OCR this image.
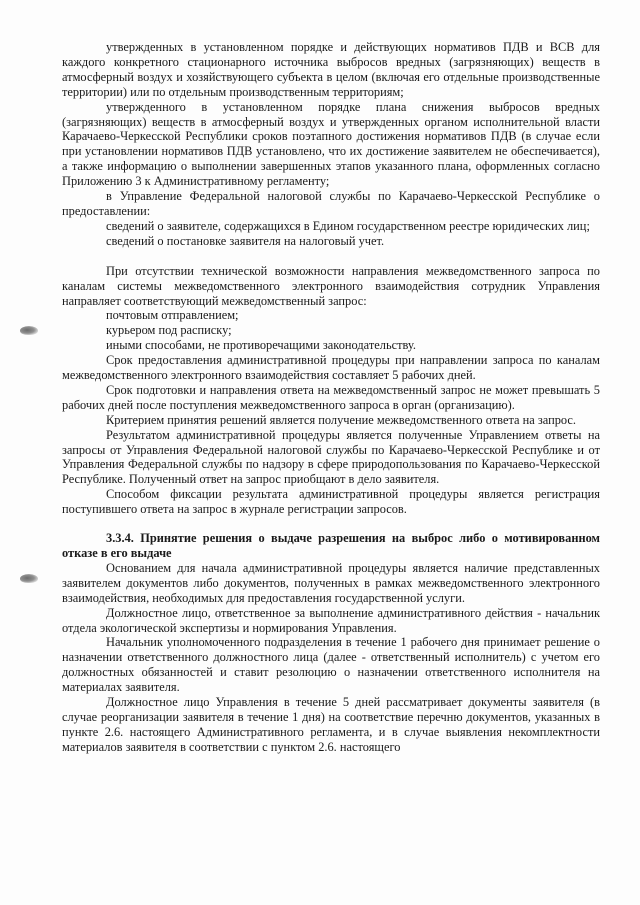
утвержденных в установленном порядке и действующих нормативов ПДВ и ВСВ для каждого конкретного стационарного источника выбросов вредных (загрязняющих) веществ в атмосферный воздух и хозяйствующего субъекта в целом (включая его отдельные производственные территории) или по отдельным производственным территориям;

утвержденного в установленном порядке плана снижения выбросов вредных (загрязняющих) веществ в атмосферный воздух и утвержденных органом исполнительной власти Карачаево-Черкесской Республики сроков поэтапного достижения нормативов ПДВ (в случае если при установлении нормативов ПДВ установлено, что их достижение заявителем не обеспечивается), а также информацию о выполнении завершенных этапов указанного плана, оформленных согласно Приложению 3 к Административному регламенту;

в Управление Федеральной налоговой службы по Карачаево-Черкесской Республике о предоставлении:

сведений о заявителе, содержащихся в Едином государственном реестре юридических лиц;

сведений о постановке заявителя на налоговый учет.

При отсутствии технической возможности направления межведомственного запроса по каналам системы межведомственного электронного взаимодействия сотрудник Управления направляет соответствующий межведомственный запрос:

почтовым отправлением;

курьером под расписку;

иными способами, не противоречащими законодательству.

Срок предоставления административной процедуры при направлении запроса по каналам межведомственного электронного взаимодействия составляет 5 рабочих дней.

Срок подготовки и направления ответа на межведомственный запрос не может превышать 5 рабочих дней после поступления межведомственного запроса в орган (организацию).

Критерием принятия решений является получение межведомственного ответа на запрос.

Результатом административной процедуры является полученные Управлением ответы на запросы от Управления Федеральной налоговой службы по Карачаево-Черкесской Республике и от Управления Федеральной службы по надзору в сфере природопользования по Карачаево-Черкесской Республике. Полученный ответ на запрос приобщают в дело заявителя.

Способом фиксации результата административной процедуры является регистрация поступившего ответа на запрос в журнале регистрации запросов.

3.3.4. Принятие решения о выдаче разрешения на выброс либо о мотивированном отказе в его выдаче

Основанием для начала административной процедуры является наличие представленных заявителем документов либо документов, полученных в рамках межведомственного электронного взаимодействия, необходимых для предоставления государственной услуги.

Должностное лицо, ответственное за выполнение административного действия - начальник отдела экологической экспертизы и нормирования Управления.

Начальник уполномоченного подразделения в течение 1 рабочего дня принимает решение о назначении ответственного должностного лица (далее - ответственный исполнитель) с учетом его должностных обязанностей и ставит резолюцию о назначении ответственного исполнителя на материалах заявителя.

Должностное лицо Управления в течение 5 дней рассматривает документы заявителя (в случае реорганизации заявителя в течение 1 дня) на соответствие перечню документов, указанных в пункте 2.6. настоящего Административного регламента, и в случае выявления некомплектности материалов заявителя в соответствии с пунктом 2.6. настоящего
